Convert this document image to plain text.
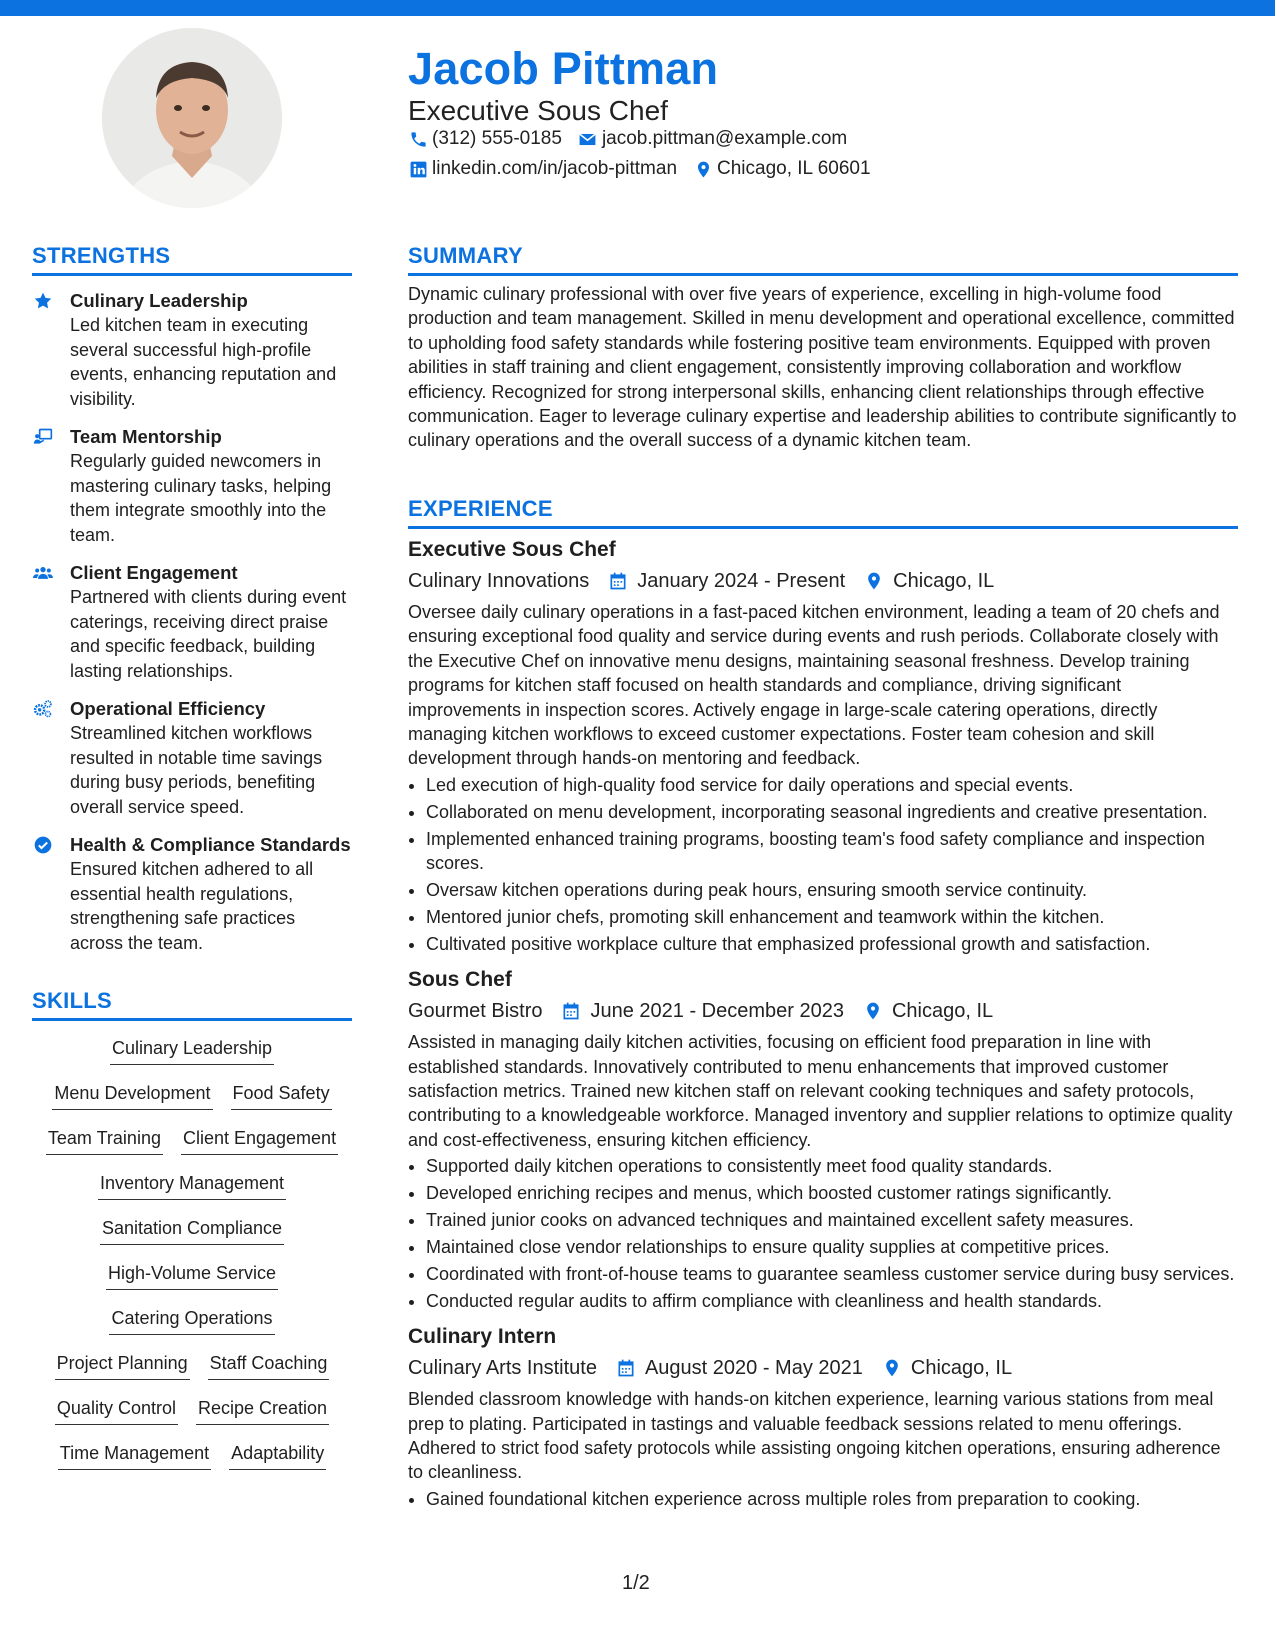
Jacob Pittman
Executive Sous Chef
(312) 555-0185 jacob.pittman@example.com
linkedin.com/in/jacob-pittman Chicago, IL 60601
STRENGTHS
Culinary Leadership
Led kitchen team in executing several successful high-profile events, enhancing reputation and visibility.
Team Mentorship
Regularly guided newcomers in mastering culinary tasks, helping them integrate smoothly into the team.
Client Engagement
Partnered with clients during event caterings, receiving direct praise and specific feedback, building lasting relationships.
Operational Efficiency
Streamlined kitchen workflows resulted in notable time savings during busy periods, benefiting overall service speed.
Health & Compliance Standards
Ensured kitchen adhered to all essential health regulations, strengthening safe practices across the team.
SKILLS
Culinary Leadership
Menu Development Food Safety
Team Training Client Engagement
Inventory Management
Sanitation Compliance
High-Volume Service
Catering Operations
Project Planning Staff Coaching
Quality Control Recipe Creation
Time Management Adaptability
SUMMARY

Dynamic culinary professional with over five years of experience, excelling in high-volume food production and team management. Skilled in menu development and operational excellence, committed to upholding food safety standards while fostering positive team environments. Equipped with proven abilities in staff training and client engagement, consistently improving collaboration and workflow efficiency. Recognized for strong interpersonal skills, enhancing client relationships through effective communication. Eager to leverage culinary expertise and leadership abilities to contribute significantly to culinary operations and the overall success of a dynamic kitchen team.

EXPERIENCE
Executive Sous Chef
Culinary Innovations January 2024 - Present Chicago, IL

Oversee daily culinary operations in a fast-paced kitchen environment, leading a team of 20 chefs and ensuring exceptional food quality and service during events and rush periods. Collaborate closely with the Executive Chef on innovative menu designs, maintaining seasonal freshness. Develop training programs for kitchen staff focused on health standards and compliance, driving significant improvements in inspection scores. Actively engage in large-scale catering operations, directly managing kitchen workflows to exceed customer expectations. Foster team cohesion and skill development through hands-on mentoring and feedback.

• Led execution of high-quality food service for daily operations and special events.
• Collaborated on menu development, incorporating seasonal ingredients and creative presentation.
• Implemented enhanced training programs, boosting team's food safety compliance and inspection scores.
• Oversaw kitchen operations during peak hours, ensuring smooth service continuity.
• Mentored junior chefs, promoting skill enhancement and teamwork within the kitchen.
• Cultivated positive workplace culture that emphasized professional growth and satisfaction.
Sous Chef
Gourmet Bistro June 2021 - December 2023 Chicago, IL

Assisted in managing daily kitchen activities, focusing on efficient food preparation in line with established standards. Innovatively contributed to menu enhancements that improved customer satisfaction metrics. Trained new kitchen staff on relevant cooking techniques and safety protocols, contributing to a knowledgeable workforce. Managed inventory and supplier relations to optimize quality and cost-effectiveness, ensuring kitchen efficiency.

• Supported daily kitchen operations to consistently meet food quality standards.
• Developed enriching recipes and menus, which boosted customer ratings significantly.
• Trained junior cooks on advanced techniques and maintained excellent safety measures.
• Maintained close vendor relationships to ensure quality supplies at competitive prices.
• Coordinated with front-of-house teams to guarantee seamless customer service during busy services.
• Conducted regular audits to affirm compliance with cleanliness and health standards.
Culinary Intern
Culinary Arts Institute August 2020 - May 2021 Chicago, IL

Blended classroom knowledge with hands-on kitchen experience, learning various stations from meal prep to plating. Participated in tastings and valuable feedback sessions related to menu offerings. Adhered to strict food safety protocols while assisting ongoing kitchen operations, ensuring adherence to cleanliness.

• Gained foundational kitchen experience across multiple roles from preparation to cooking.
1/2
